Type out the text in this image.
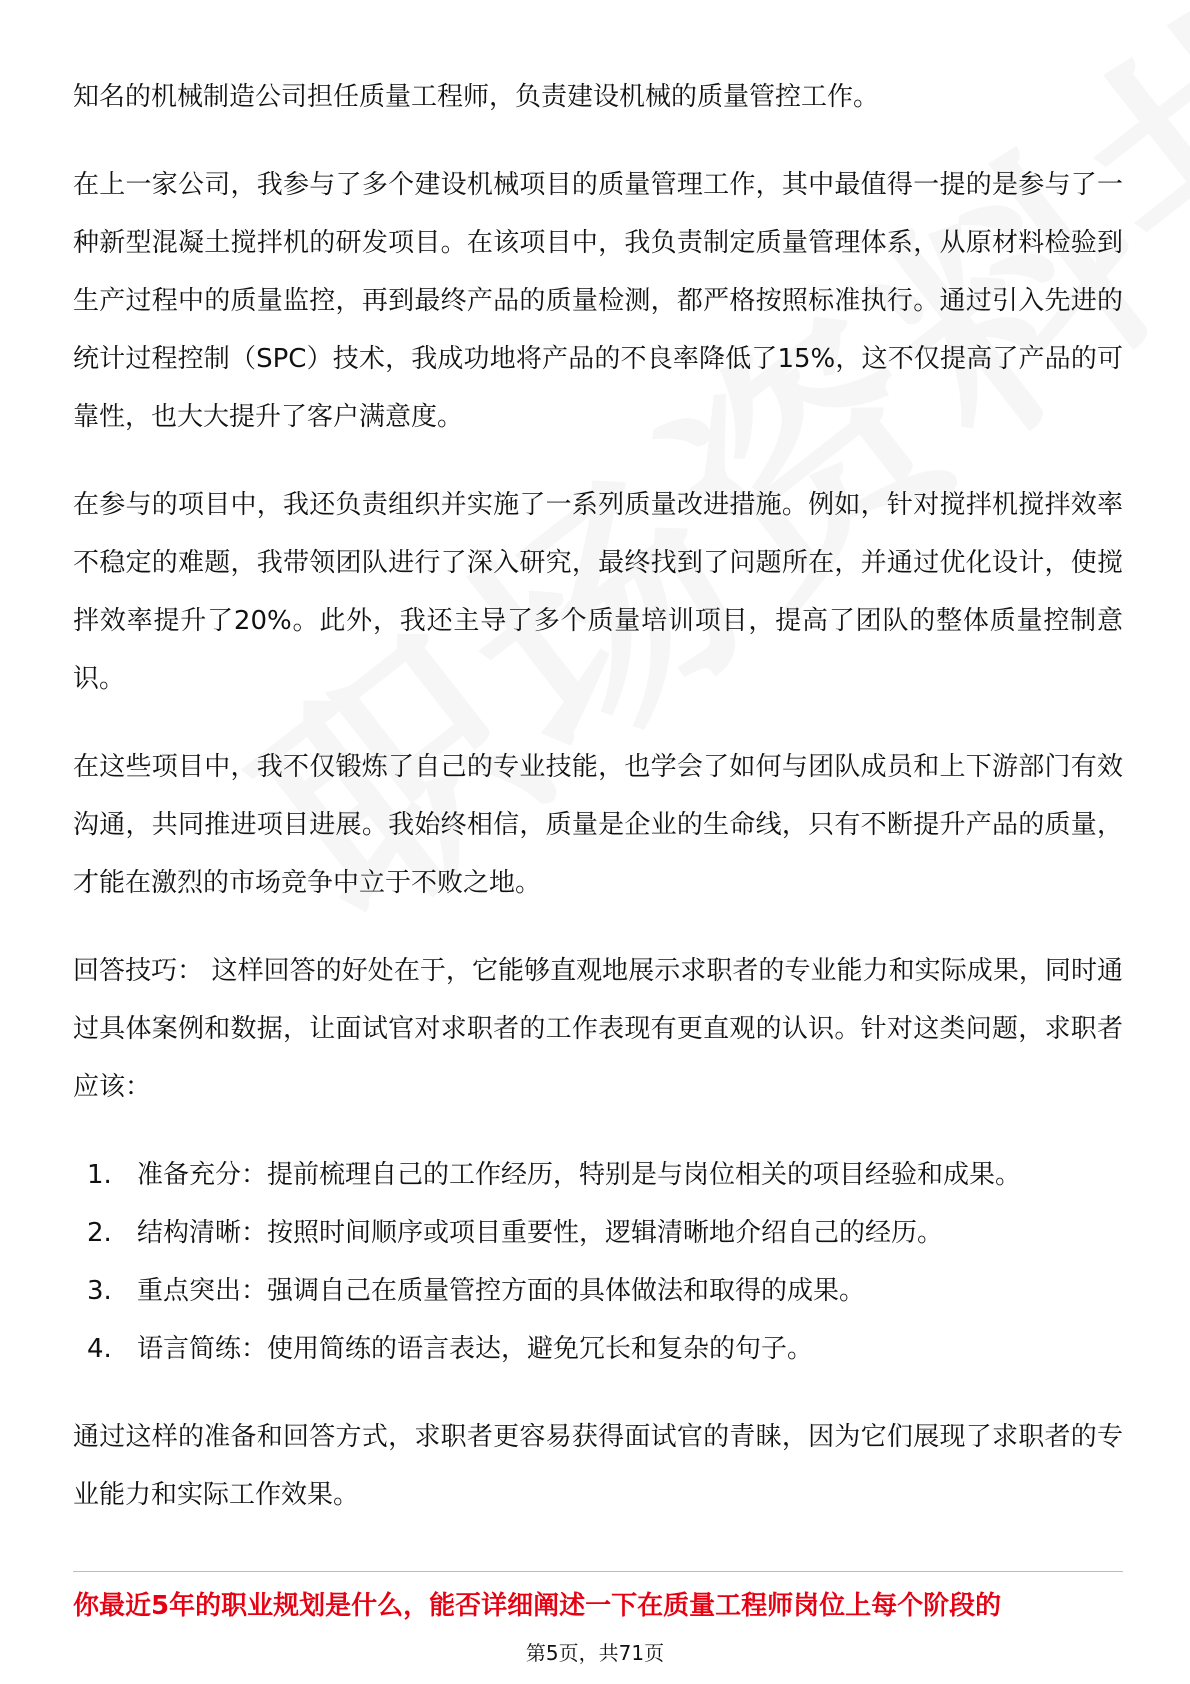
知名的机械制造公司担任质量工程师，负责建设机械的质量管控工作。

在上一家公司，我参与了多个建设机械项目的质量管理工作，其中最值得一提的是参与了一种新型混凝土搅拌机的研发项目。在该项目中，我负责制定质量管理体系，从原材料检验到生产过程中的质量监控，再到最终产品的质量检测，都严格按照标准执行。通过引入先进的统计过程控制（SPC）技术，我成功地将产品的不良率降低了15%，这不仅提高了产品的可靠性，也大大提升了客户满意度。

在参与的项目中，我还负责组织并实施了一系列质量改进措施。例如，针对搅拌机搅拌效率不稳定的难题，我带领团队进行了深入研究，最终找到了问题所在，并通过优化设计，使搅拌效率提升了20%。此外，我还主导了多个质量培训项目，提高了团队的整体质量控制意识。

在这些项目中，我不仅锻炼了自己的专业技能，也学会了如何与团队成员和上下游部门有效沟通，共同推进项目进展。我始终相信，质量是企业的生命线，只有不断提升产品的质量，才能在激烈的市场竞争中立于不败之地。

回答技巧： 这样回答的好处在于，它能够直观地展示求职者的专业能力和实际成果，同时通过具体案例和数据，让面试官对求职者的工作表现有更直观的认识。针对这类问题，求职者应该：

1. 准备充分：提前梳理自己的工作经历，特别是与岗位相关的项目经验和成果。
2. 结构清晰：按照时间顺序或项目重要性，逻辑清晰地介绍自己的经历。
3. 重点突出：强调自己在质量管控方面的具体做法和取得的成果。
4. 语言简练：使用简练的语言表达，避免冗长和复杂的句子。

通过这样的准备和回答方式，求职者更容易获得面试官的青睐，因为它们展现了求职者的专业能力和实际工作效果。

你最近5年的职业规划是什么，能否详细阐述一下在质量工程师岗位上每个阶段的
第5页，共71页
